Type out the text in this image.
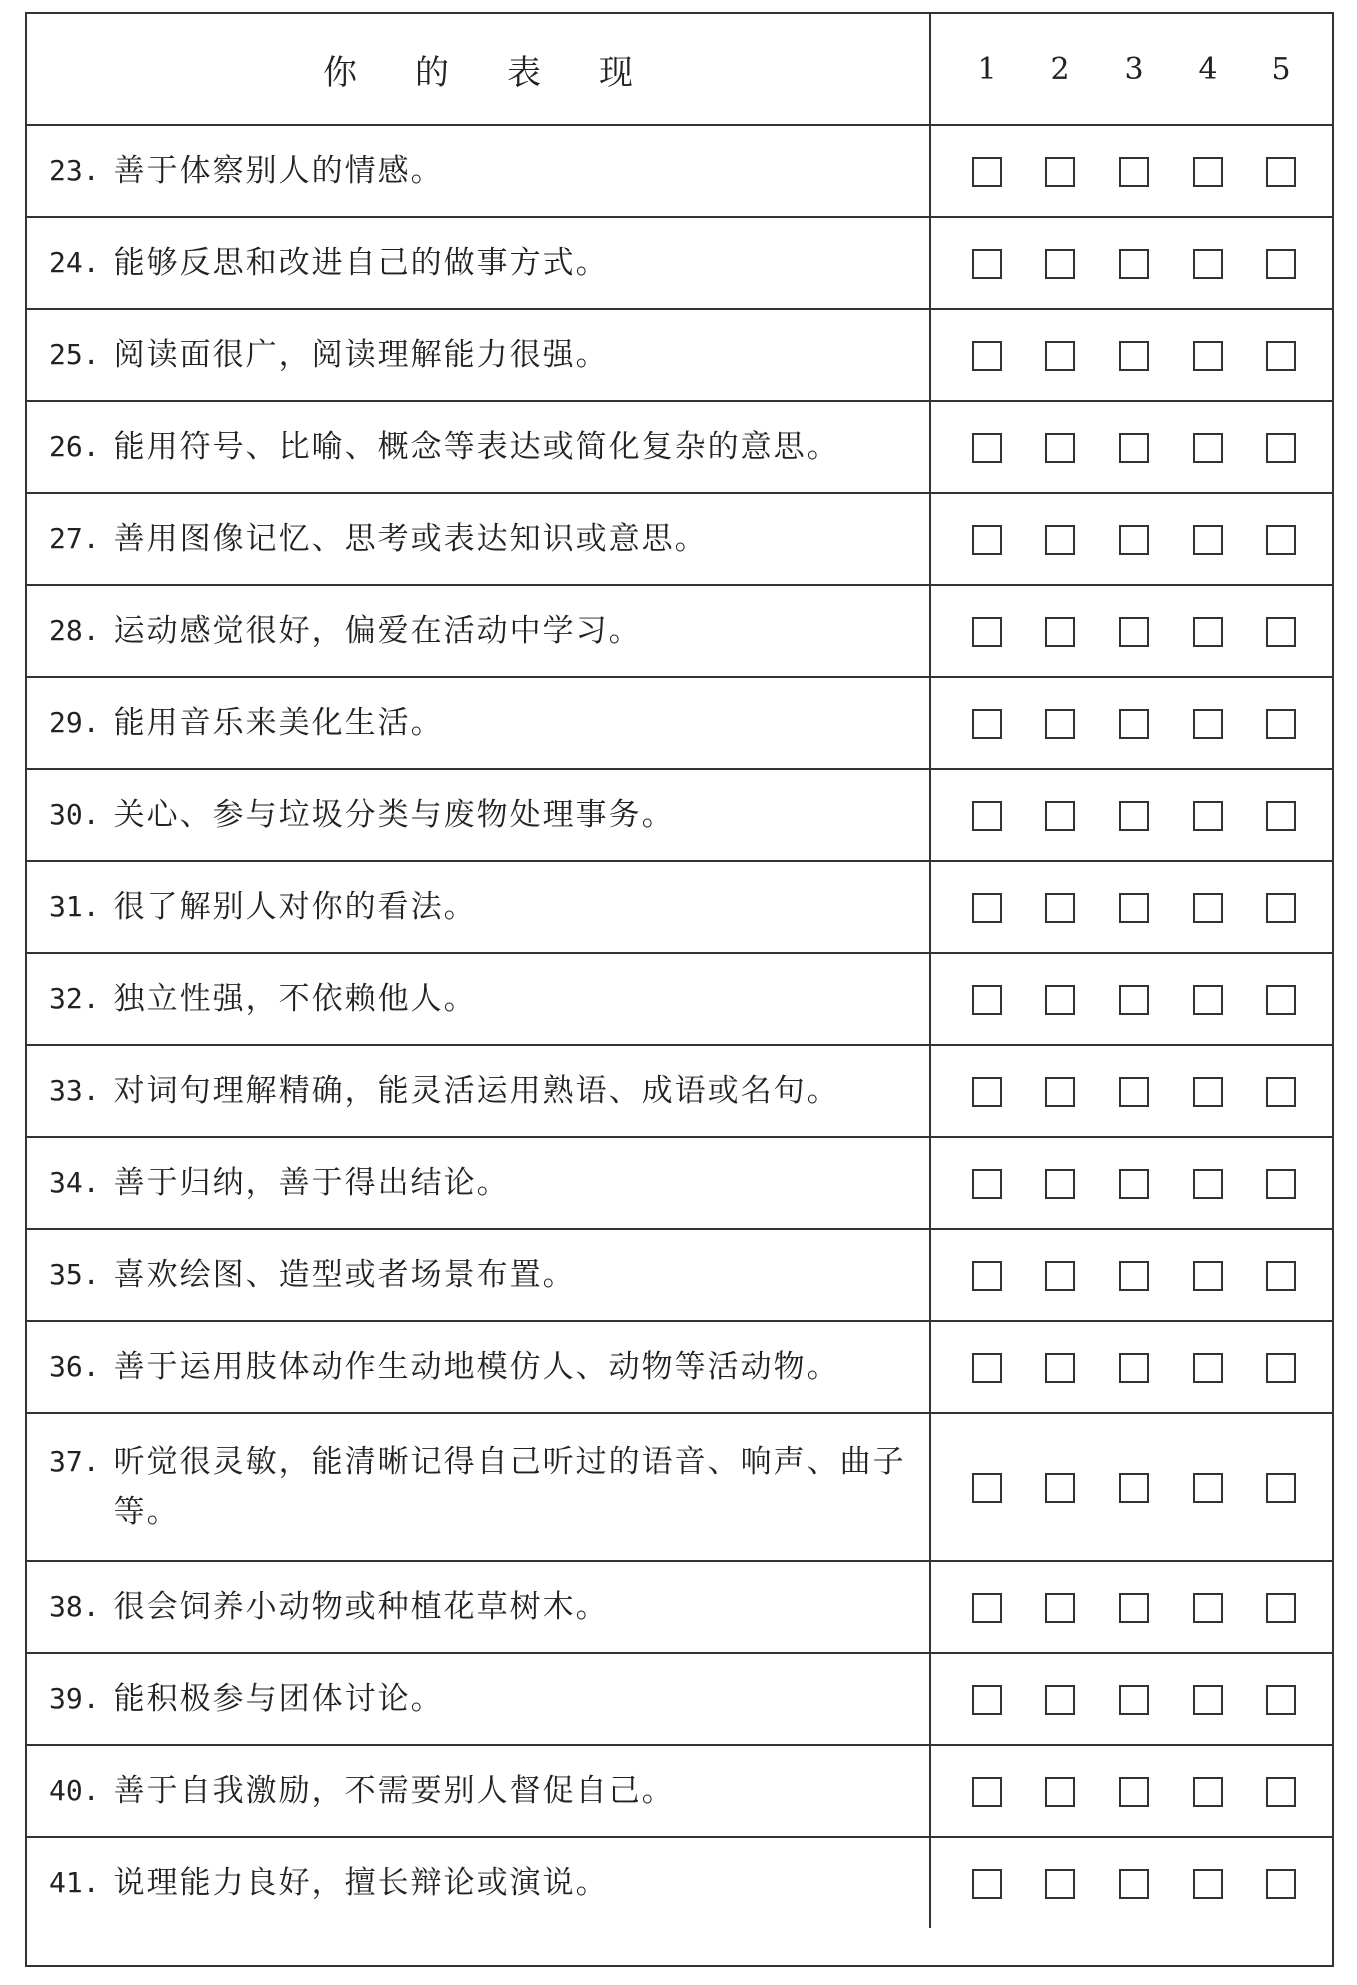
你 的 表 现	1	2	3	4	5
23. 善于体察别人的情感。
24. 能够反思和改进自己的做事方式。
25. 阅读面很广，阅读理解能力很强。
26. 能用符号、比喻、概念等表达或简化复杂的意思。
27. 善用图像记忆、思考或表达知识或意思。
28. 运动感觉很好，偏爱在活动中学习。
29. 能用音乐来美化生活。
30. 关心、参与垃圾分类与废物处理事务。
31. 很了解别人对你的看法。
32. 独立性强，不依赖他人。
33. 对词句理解精确，能灵活运用熟语、成语或名句。
34. 善于归纳，善于得出结论。
35. 喜欢绘图、造型或者场景布置。
36. 善于运用肢体动作生动地模仿人、动物等活动物。
37. 听觉很灵敏，能清晰记得自己听过的语音、响声、曲子等。
38. 很会饲养小动物或种植花草树木。
39. 能积极参与团体讨论。
40. 善于自我激励，不需要别人督促自己。
41. 说理能力良好，擅长辩论或演说。
